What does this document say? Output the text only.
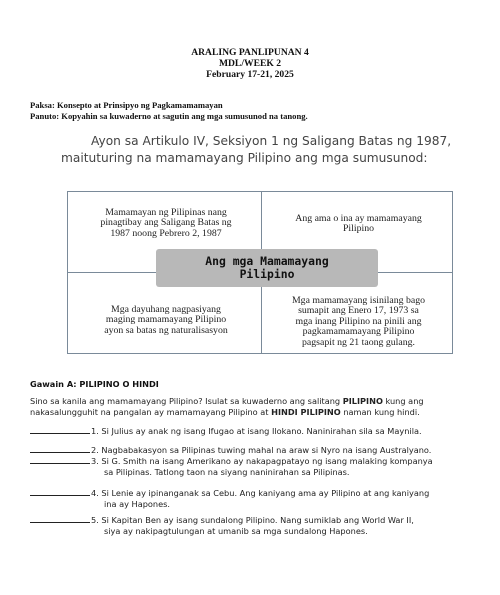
ARALING PANLIPUNAN 4
MDL/WEEK 2
February 17-21, 2025
Paksa: Konsepto at Prinsipyo ng Pagkamamamayan
Panuto: Kopyahin sa kuwaderno at sagutin ang mga sumusunod na tanong.
Ayon sa Artikulo IV, Seksiyon 1 ng Saligang Batas ng 1987,
maituturing na mamamayang Pilipino ang mga sumusunod:
Mamamayan ng Pilipinas nang
pinagtibay ang Saligang Batas ng
1987 noong Pebrero 2, 1987
Ang ama o ina ay mamamayang
Pilipino
Mga dayuhang nagpasiyang
maging mamamayang Pilipino
ayon sa batas ng naturalisasyon
Mga mamamayang isinilang bago
sumapit ang Enero 17, 1973 sa
mga inang Pilipino na pinili ang
pagkamamamayang Pilipino
pagsapit ng 21 taong gulang.
Ang mga Mamamayang
Pilipino
Gawain A: PILIPINO O HINDI
Sino sa kanila ang mamamayang Pilipino? Isulat sa kuwaderno ang salitang PILIPINO kung ang nakasalungguhit na pangalan ay mamamayang Pilipino at HINDI PILIPINO naman kung hindi.
1. Si Julius ay anak ng isang Ifugao at isang Ilokano. Naninirahan sila sa Maynila.
2. Nagbabakasyon sa Pilipinas tuwing mahal na araw si Nyro na isang Australyano.
3. Si G. Smith na isang Amerikano ay nakapagpatayo ng isang malaking kompanya
sa Pilipinas. Tatlong taon na siyang naninirahan sa Pilipinas.
4. Si Lenie ay ipinanganak sa Cebu. Ang kaniyang ama ay Pilipino at ang kaniyang
ina ay Hapones.
5. Si Kapitan Ben ay isang sundalong Pilipino. Nang sumiklab ang World War II,
siya ay nakipagtulungan at umanib sa mga sundalong Hapones.
